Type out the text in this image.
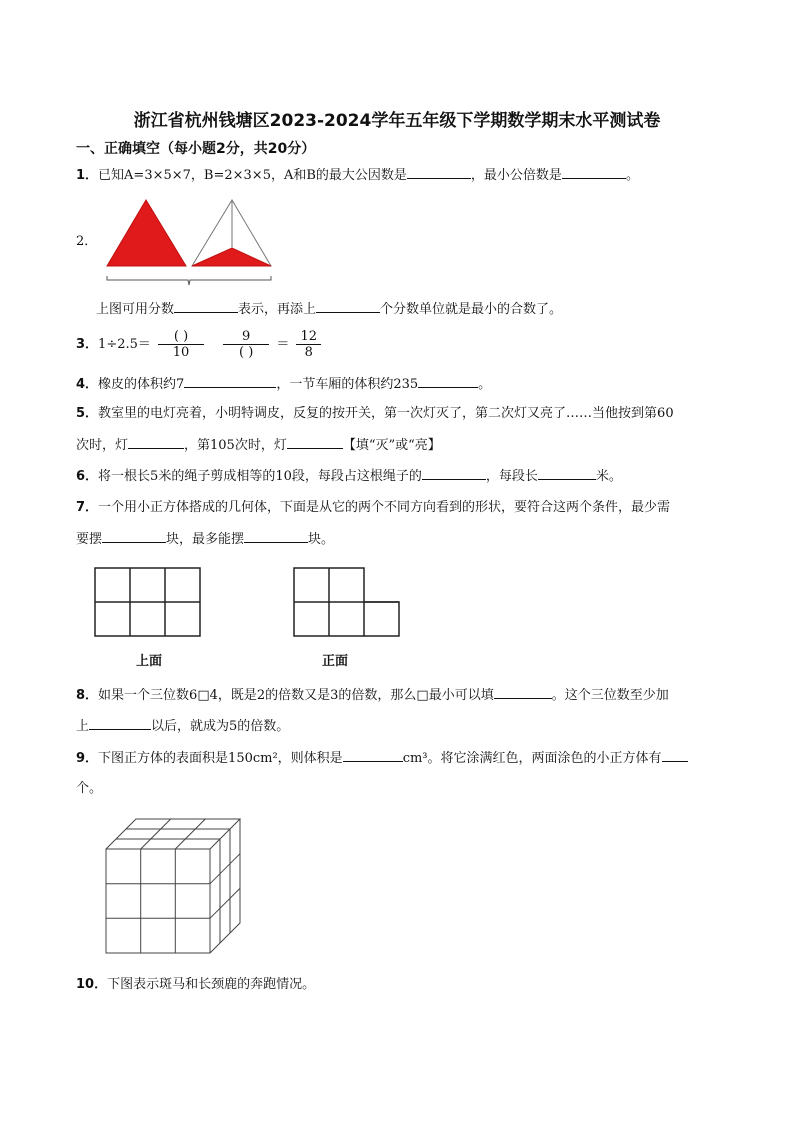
浙江省杭州钱塘区2023-2024学年五年级下学期数学期末水平测试卷
一、正确填空（每小题2分，共20分）
1．已知A=3×5×7，B=2×3×5，A和B的最大公因数是	，最小公倍数是	。
2．
上图可用分数	表示，再添上	个分数单位就是最小的合数了。
3．$1\div 2.5= \frac{( )}{10}$
$\frac{9}{( )} = \frac{12}{8}$
4．橡皮的体积约7	，一节车厢的体积约235	。
5．教室里的电灯亮着，小明特调皮，反复的按开关，第一次灯灭了，第二次灯又亮了……当他按到第60
次时，灯	，第105次时，灯	【填“灭”或“亮】
6．将一根长5米的绳子剪成相等的10段，每段占这根绳子的	，每段长	米。
7．一个用小正方体搭成的几何体，下面是从它的两个不同方向看到的形状，要符合这两个条件，最少需
要摆	块，最多能摆	块。
上面	正面
8．如果一个三位数6□4，既是2的倍数又是3的倍数，那么□最小可以填	。这个三位数至少加
上	以后，就成为5的倍数。
9．下图正方体的表面积是150cm²，则体积是	cm³。将它涂满红色，两面涂色的小正方体有
个。
10．下图表示斑马和长颈鹿的奔跑情况。
